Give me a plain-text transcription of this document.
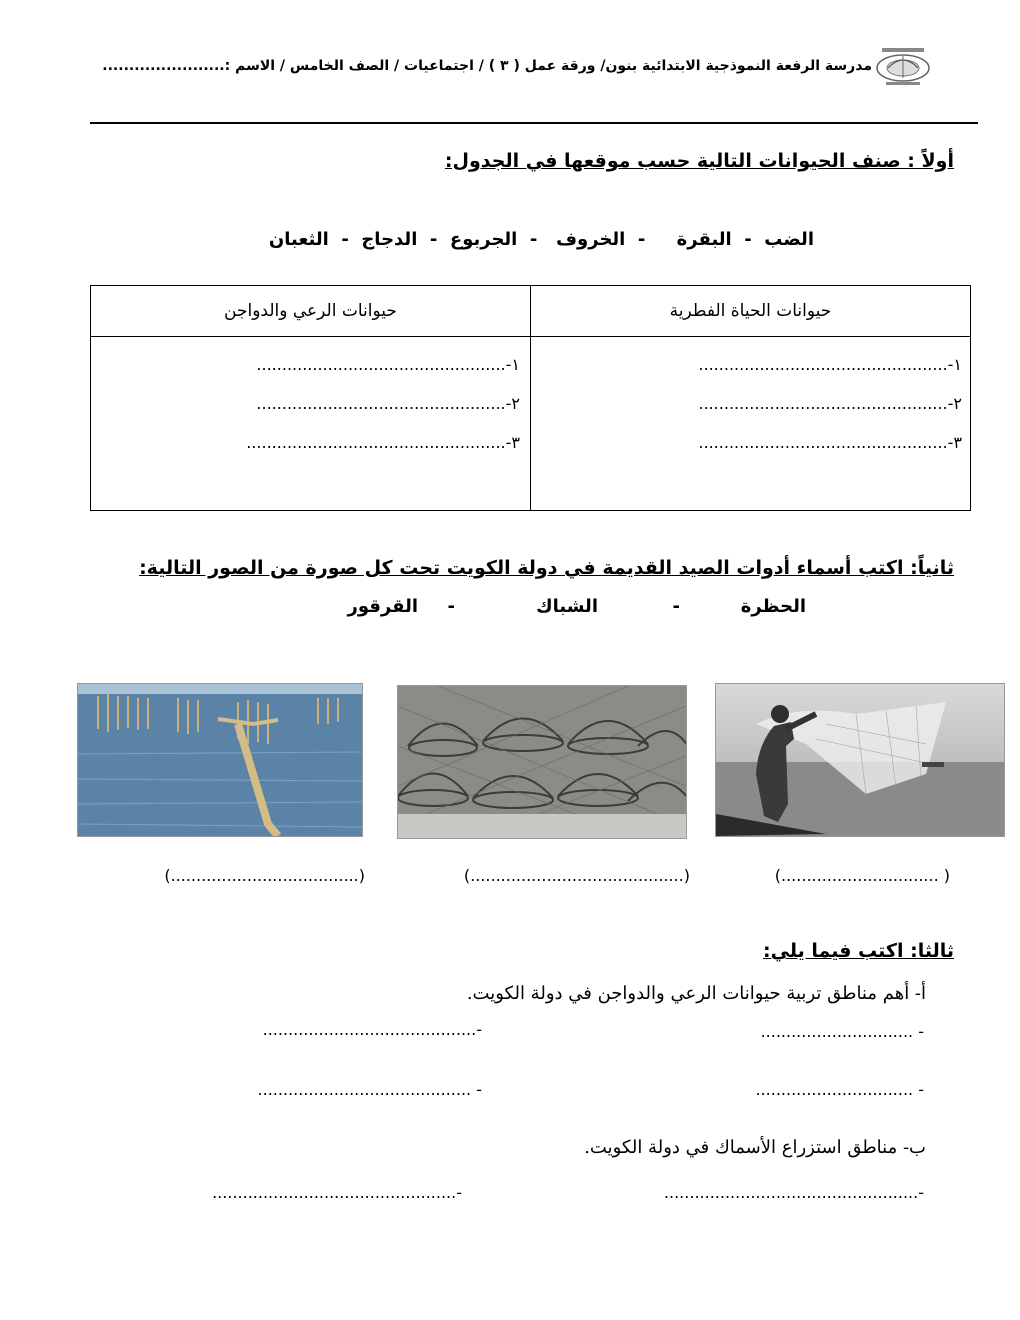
مدرسة الرفعة النموذجية الابتدائية بنون/ ورقة عمل ( ٣ ) / اجتماعيات / الصف الخامس / الاسم :.......................
أولاً : صنف الحيوانات التالية حسب موقعها في الجدول:
الضب  -  البقرة     -  الخروف   -  الجربوع  -  الدجاج  -  الثعبان
حيوانات الحياة الفطرية	حيوانات الرعي والدواجن

١-.................................................
٢-.................................................
٣-.................................................
١-.................................................
٢-.................................................
٣-...................................................
ثانياً: اكتب أسماء أدوات الصيد القديمة في دولة الكويت تحت كل صورة من الصور التالية:
الحظرة
-
الشباك
-
القرقور
( ...............................)
(..........................................)
(.....................................)
ثالثا: اكتب فيما يلي:
أ- أهم مناطق تربية حيوانات الرعي والدواجن في دولة الكويت.
- ..............................
-..........................................
- ...............................
- ..........................................
ب- مناطق استزراع الأسماك في دولة الكويت.
-..................................................
-................................................
